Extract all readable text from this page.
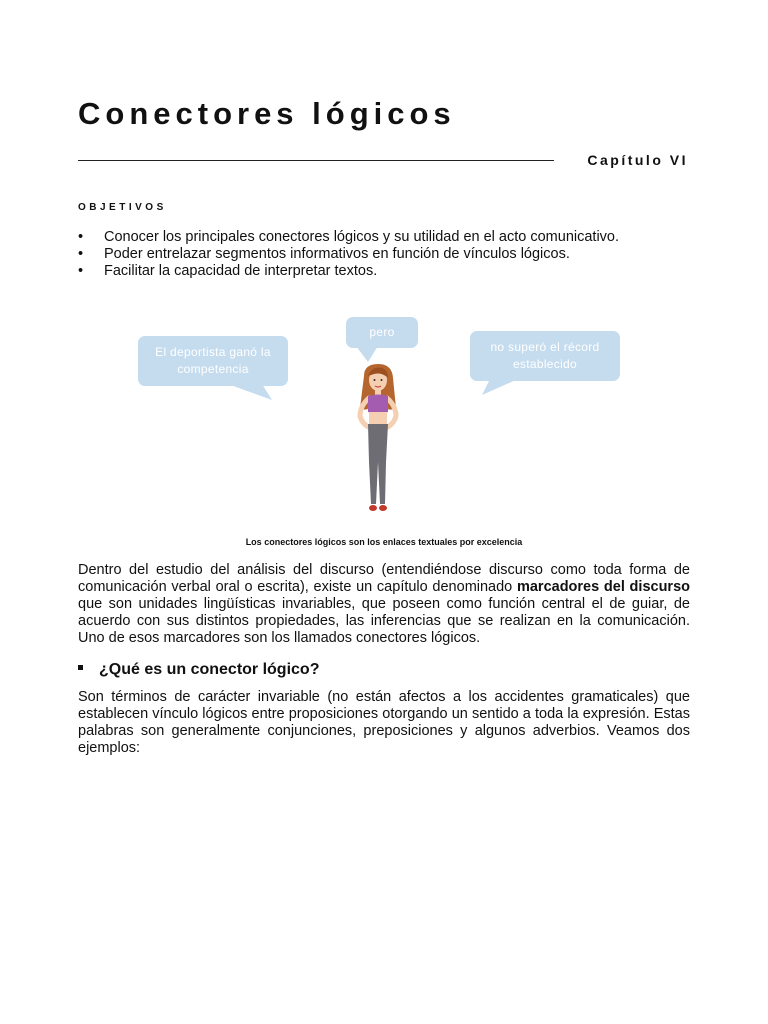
Conectores lógicos
Capítulo VI
OBJETIVOS
• Conocer los principales conectores lógicos y su utilidad en el acto comunicativo.
• Poder entrelazar segmentos informativos en función de vínculos lógicos.
• Facilitar la capacidad de interpretar textos.
El deportista ganó la competencia
pero
no superó el récord establecido
Los conectores lógicos son los enlaces textuales por excelencia

Dentro del estudio del análisis del discurso (entendiéndose discurso como toda forma de comunicación verbal oral o escrita), existe un capítulo denominado marcadores del discurso que son unidades lingüísticas invariables, que poseen como función central el de guiar, de acuerdo con sus distintos propiedades, las inferencias que se realizan en la comunicación. Uno de esos marcadores son los llamados conectores lógicos.

¿Qué es un conector lógico?

Son términos de carácter invariable (no están afectos a los accidentes gramaticales) que establecen vínculo lógicos entre proposiciones otorgando un sentido a toda la expresión. Estas palabras son generalmente conjunciones, preposiciones y algunos adverbios. Veamos dos ejemplos:
